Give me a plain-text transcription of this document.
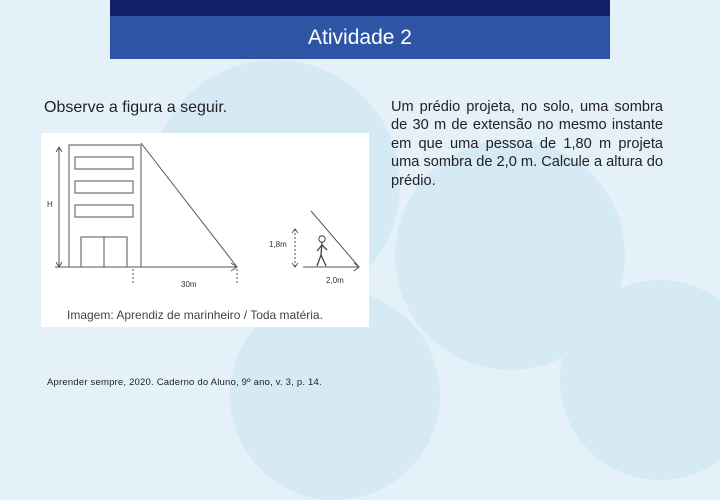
Atividade 2
Observe a figura a seguir.
H
30m
1,8m
2,0m
Imagem: Aprendiz de marinheiro / Toda matéria.
Aprender sempre, 2020. Caderno do Aluno, 9º ano, v. 3, p. 14.
Um prédio projeta, no solo, uma sombra de 30 m de extensão no mesmo instante em que uma pessoa de 1,80 m projeta uma sombra de 2,0 m. Calcule a altura do prédio.
